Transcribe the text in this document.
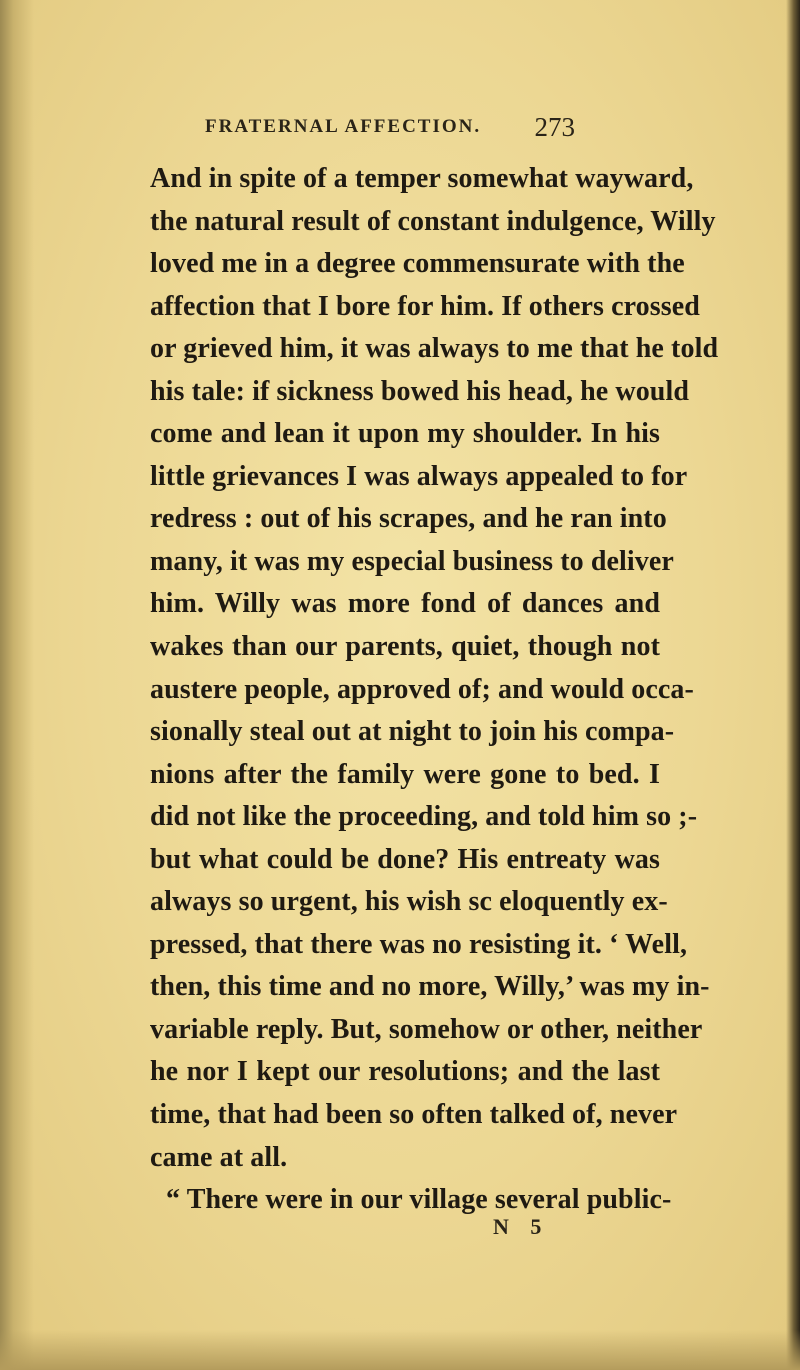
FRATERNAL AFFECTION. 273
And in spite of a temper somewhat wayward,
the natural result of constant indulgence, Willy
loved me in a degree commensurate with the
affection that I bore for him. If others crossed
or grieved him, it was always to me that he told
his tale: if sickness bowed his head, he would
come and lean it upon my shoulder. In his
little grievances I was always appealed to for
redress : out of his scrapes, and he ran into
many, it was my especial business to deliver
him. Willy was more fond of dances and
wakes than our parents, quiet, though not
austere people, approved of; and would occa-
sionally steal out at night to join his compa-
nions after the family were gone to bed. I
did not like the proceeding, and told him so ;-
but what could be done? His entreaty was
always so urgent, his wish sc eloquently ex-
pressed, that there was no resisting it. ‘ Well,
then, this time and no more, Willy,’ was my in-
variable reply. But, somehow or other, neither
he nor I kept our resolutions; and the last
time, that had been so often talked of, never
came at all.
“ There were in our village several public-
N 5
